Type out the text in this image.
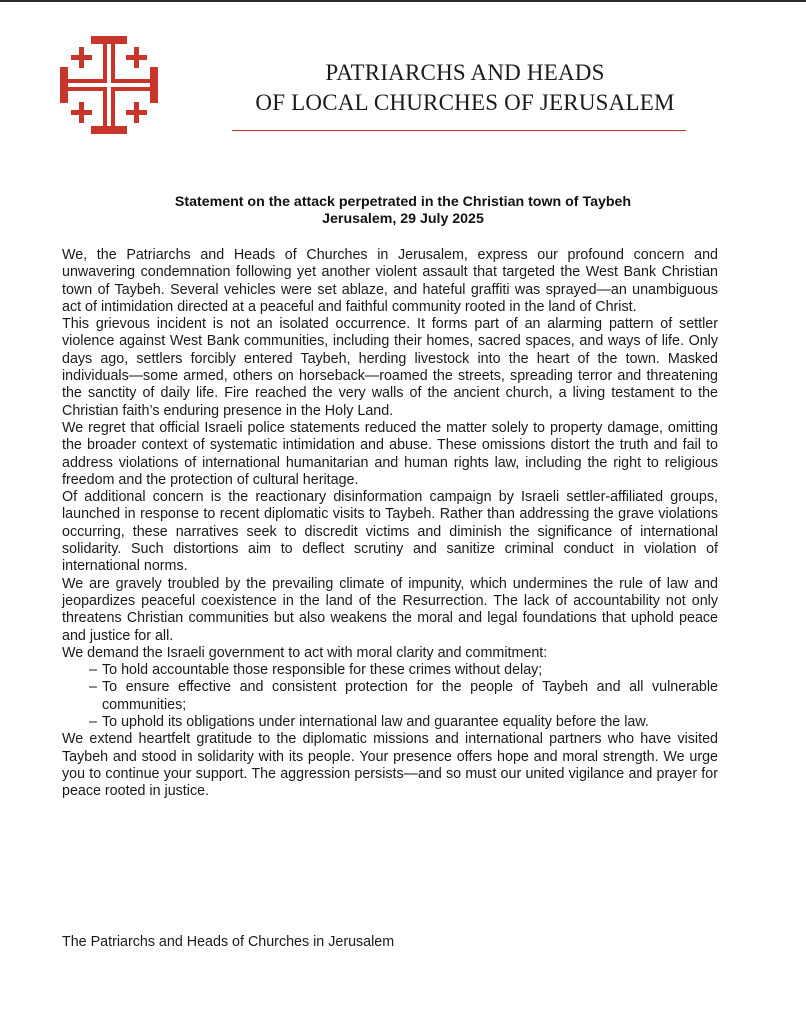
PATRIARCHS AND HEADS
OF LOCAL CHURCHES OF JERUSALEM
Statement on the attack perpetrated in the Christian town of Taybeh
Jerusalem, 29 July 2025

We, the Patriarchs and Heads of Churches in Jerusalem, express our profound concern and unwavering condemnation following yet another violent assault that targeted the West Bank Christian town of Taybeh. Several vehicles were set ablaze, and hateful graffiti was sprayed—an unambiguous act of intimidation directed at a peaceful and faithful community rooted in the land of Christ.

This grievous incident is not an isolated occurrence. It forms part of an alarming pattern of settler violence against West Bank communities, including their homes, sacred spaces, and ways of life. Only days ago, settlers forcibly entered Taybeh, herding livestock into the heart of the town. Masked individuals—some armed, others on horseback—roamed the streets, spreading terror and threatening the sanctity of daily life. Fire reached the very walls of the ancient church, a living testament to the Christian faith’s enduring presence in the Holy Land.

We regret that official Israeli police statements reduced the matter solely to property damage, omitting the broader context of systematic intimidation and abuse. These omissions distort the truth and fail to address violations of international humanitarian and human rights law, including the right to religious freedom and the protection of cultural heritage.

Of additional concern is the reactionary disinformation campaign by Israeli settler-affiliated groups, launched in response to recent diplomatic visits to Taybeh. Rather than addressing the grave violations occurring, these narratives seek to discredit victims and diminish the significance of international solidarity. Such distortions aim to deflect scrutiny and sanitize criminal conduct in violation of international norms.

We are gravely troubled by the prevailing climate of impunity, which undermines the rule of law and jeopardizes peaceful coexistence in the land of the Resurrection. The lack of accountability not only threatens Christian communities but also weakens the moral and legal foundations that uphold peace and justice for all.

We demand the Israeli government to act with moral clarity and commitment:

– To hold accountable those responsible for these crimes without delay;
– To ensure effective and consistent protection for the people of Taybeh and all vulnerable communities;
– To uphold its obligations under international law and guarantee equality before the law.

We extend heartfelt gratitude to the diplomatic missions and international partners who have visited Taybeh and stood in solidarity with its people. Your presence offers hope and moral strength. We urge you to continue your support. The aggression persists—and so must our united vigilance and prayer for peace rooted in justice.

The Patriarchs and Heads of Churches in Jerusalem
